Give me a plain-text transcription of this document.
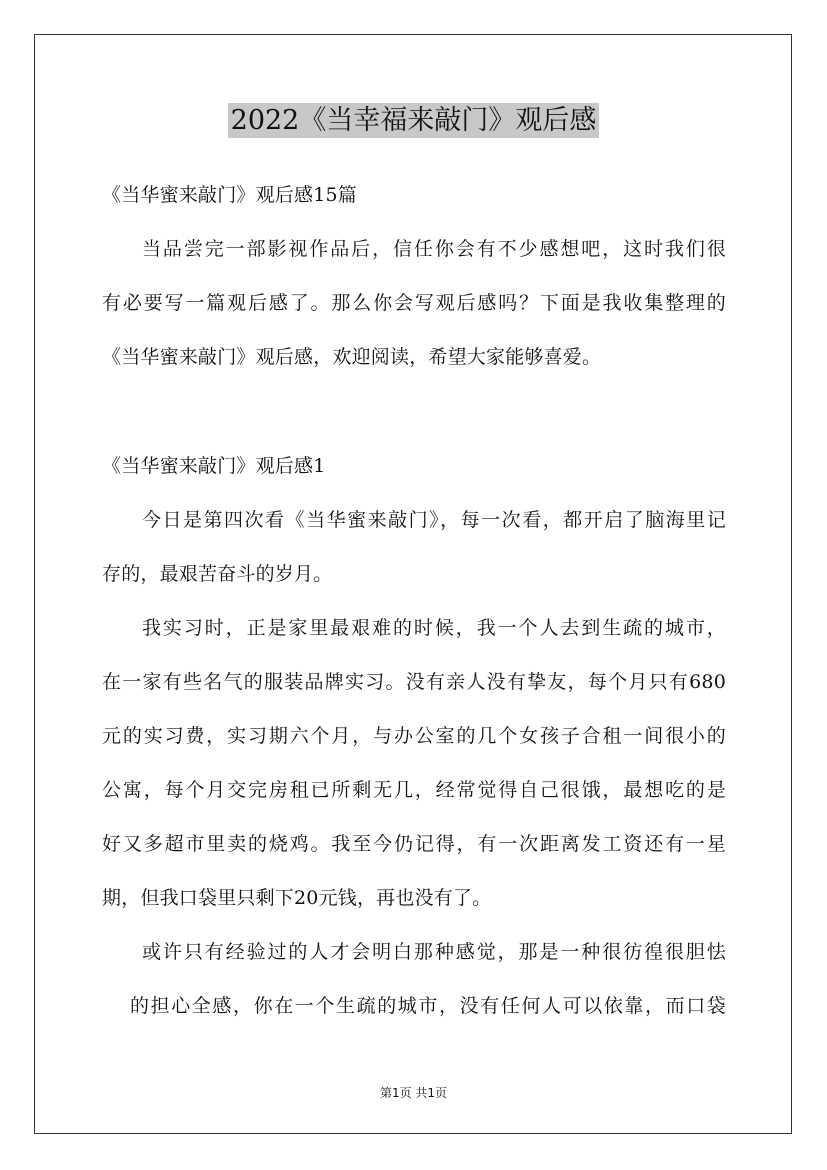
2022《当幸福来敲门》观后感
《当华蜜来敲门》观后感15篇
当品尝完一部影视作品后，信任你会有不少感想吧，这时我们很
有必要写一篇观后感了。那么你会写观后感吗？下面是我收集整理的
《当华蜜来敲门》观后感，欢迎阅读，希望大家能够喜爱。
《当华蜜来敲门》观后感1
今日是第四次看《当华蜜来敲门》，每一次看，都开启了脑海里记
存的，最艰苦奋斗的岁月。
我实习时，正是家里最艰难的时候，我一个人去到生疏的城市，
在一家有些名气的服装品牌实习。没有亲人没有挚友，每个月只有680
元的实习费，实习期六个月，与办公室的几个女孩子合租一间很小的
公寓，每个月交完房租已所剩无几，经常觉得自己很饿，最想吃的是
好又多超市里卖的烧鸡。我至今仍记得，有一次距离发工资还有一星
期，但我口袋里只剩下20元钱，再也没有了。
或许只有经验过的人才会明白那种感觉，那是一种很彷徨很胆怯
的担心全感，你在一个生疏的城市，没有任何人可以依靠，而口袋
第1页 共1页
